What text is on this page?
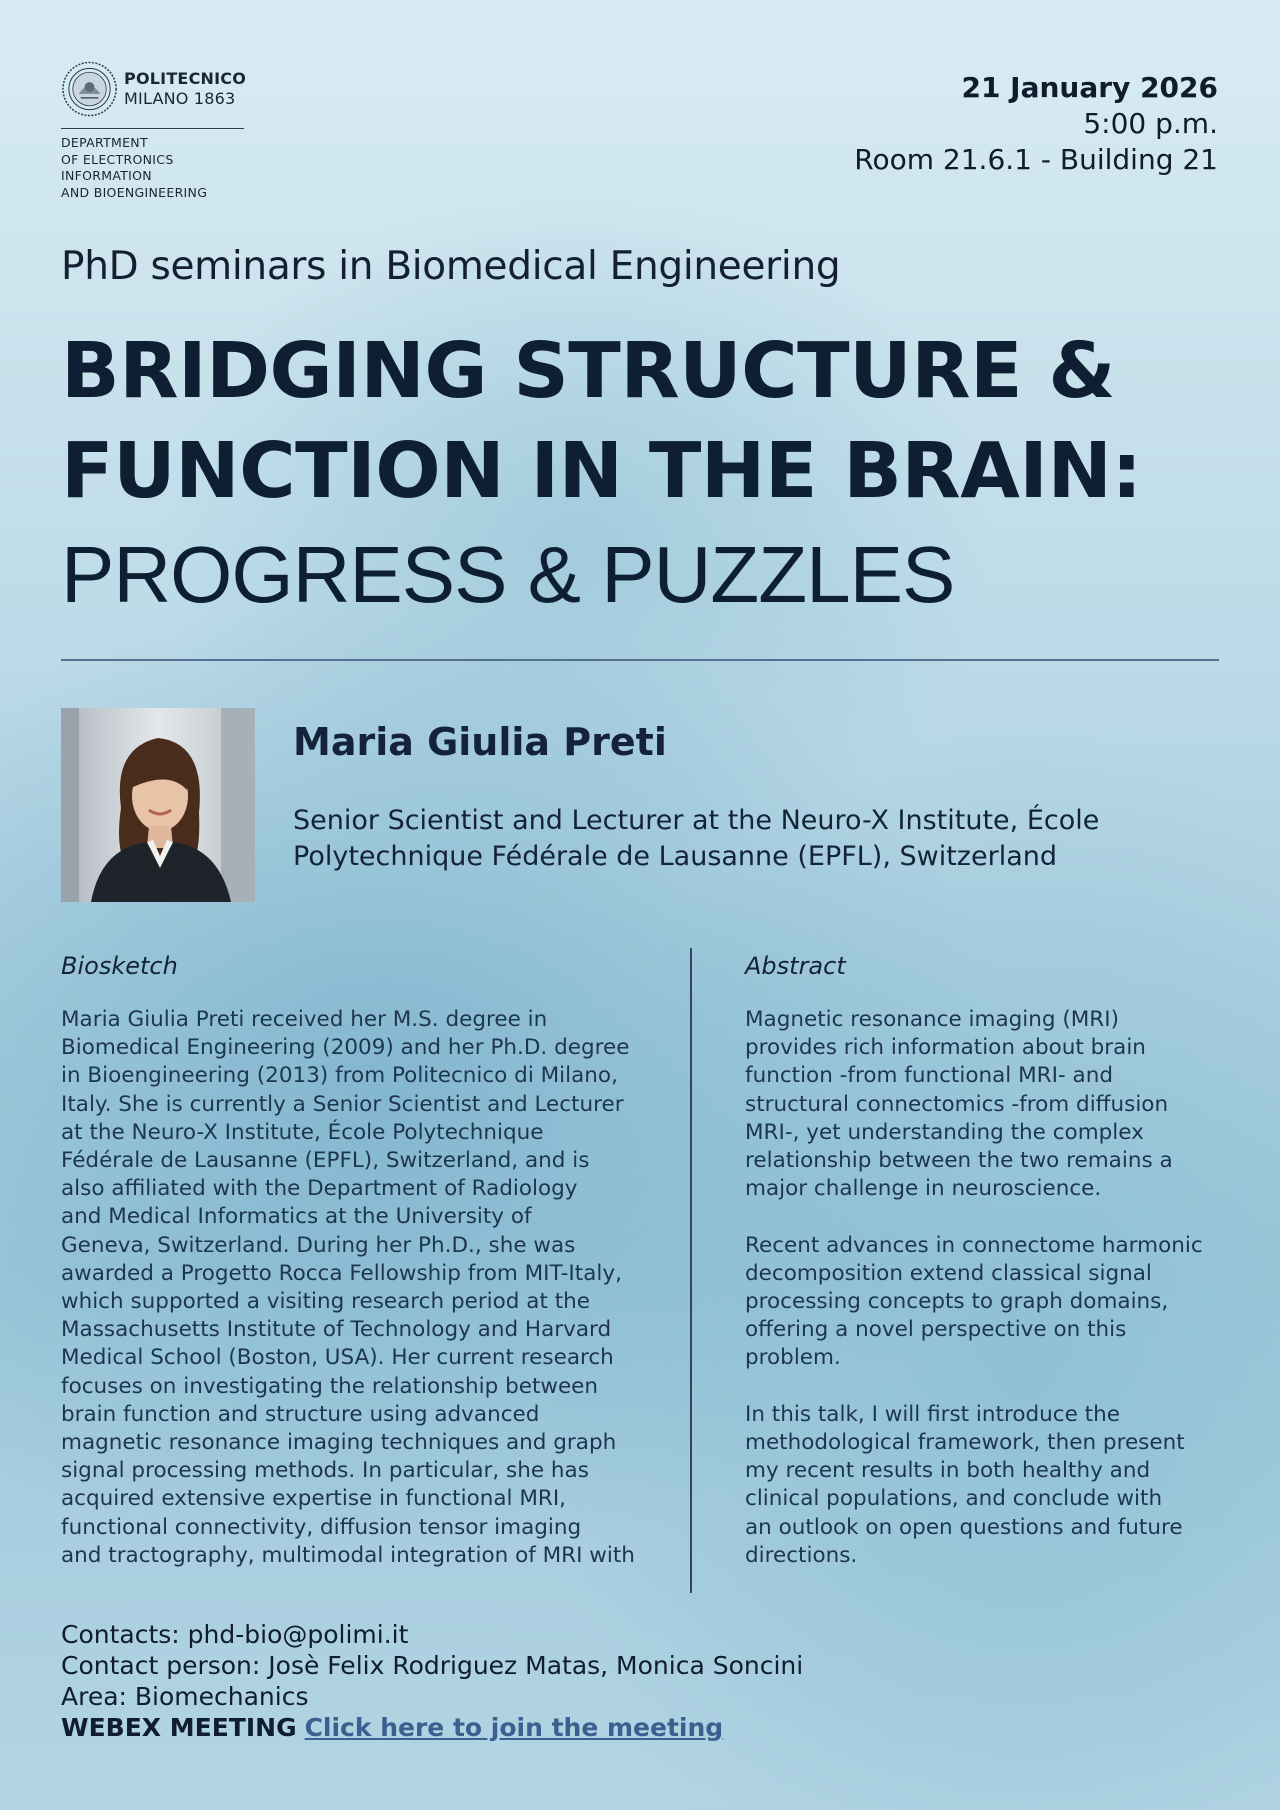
POLITECNICO
MILANO 1863
DEPARTMENT
OF ELECTRONICS
INFORMATION
AND BIOENGINEERING
21 January 2026
5:00 p.m.
Room 21.6.1 - Building 21
PhD seminars in Biomedical Engineering
BRIDGING STRUCTURE &
FUNCTION IN THE BRAIN:
PROGRESS & PUZZLES
Maria Giulia Preti
Senior Scientist and Lecturer at the Neuro-X Institute, École
Polytechnique Fédérale de Lausanne (EPFL), Switzerland
Biosketch
Maria Giulia Preti received her M.S. degree in
Biomedical Engineering (2009) and her Ph.D. degree
in Bioengineering (2013) from Politecnico di Milano,
Italy. She is currently a Senior Scientist and Lecturer
at the Neuro-X Institute, École Polytechnique
Fédérale de Lausanne (EPFL), Switzerland, and is
also affiliated with the Department of Radiology
and Medical Informatics at the University of
Geneva, Switzerland. During her Ph.D., she was
awarded a Progetto Rocca Fellowship from MIT-Italy,
which supported a visiting research period at the
Massachusetts Institute of Technology and Harvard
Medical School (Boston, USA). Her current research
focuses on investigating the relationship between
brain function and structure using advanced
magnetic resonance imaging techniques and graph
signal processing methods. In particular, she has
acquired extensive expertise in functional MRI,
functional connectivity, diffusion tensor imaging
and tractography, multimodal integration of MRI with
Abstract
Magnetic resonance imaging (MRI)
provides rich information about brain
function -from functional MRI- and
structural connectomics -from diffusion
MRI-, yet understanding the complex
relationship between the two remains a
major challenge in neuroscience.

Recent advances in connectome harmonic
decomposition extend classical signal
processing concepts to graph domains,
offering a novel perspective on this
problem.

In this talk, I will first introduce the
methodological framework, then present
my recent results in both healthy and
clinical populations, and conclude with
an outlook on open questions and future
directions.
Contacts: phd-bio@polimi.it
Contact person: Josè Felix Rodriguez Matas, Monica Soncini
Area: Biomechanics
WEBEX MEETING Click here to join the meeting
